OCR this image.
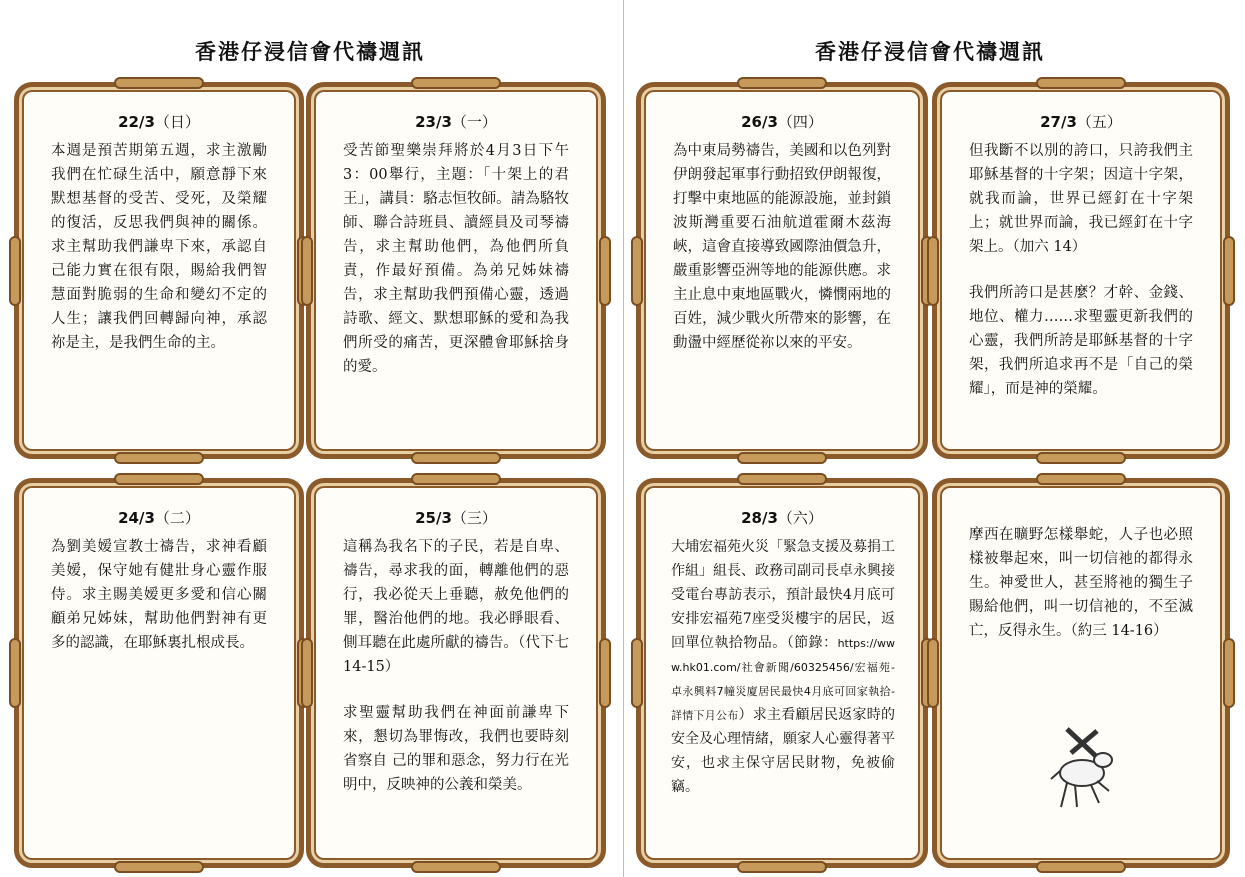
香港仔浸信會代禱週訊	香港仔浸信會代禱週訊
22/3（日）

本週是預苦期第五週，求主激勵我們在忙碌生活中，願意靜下來默想基督的受苦、受死，及榮耀的復活，反思我們與神的關係。求主幫助我們謙卑下來，承認自己能力實在很有限，賜給我們智慧面對脆弱的生命和變幻不定的人生；讓我們回轉歸向神，承認祢是主，是我們生命的主。

23/3（一）

受苦節聖樂崇拜將於4月3日下午3：00舉行，主題：「十架上的君王」，講員：駱志恒牧師。請為駱牧師、聯合詩班員、讀經員及司琴禱告，求主幫助他們，為他們所負責，作最好預備。為弟兄姊妹禱告，求主幫助我們預備心靈，透過詩歌、經文、默想耶穌的愛和為我們所受的痛苦，更深體會耶穌捨身的愛。

24/3（二）

為劉美嫒宣教士禱告，求神看顧美嫒，保守她有健壯身心靈作服侍。求主賜美嫒更多愛和信心關顧弟兄姊妹，幫助他們對神有更多的認識，在耶穌裏扎根成長。

25/3（三）

這稱為我名下的子民，若是自卑、禱告，尋求我的面，轉離他們的惡行，我必從天上垂聽，赦免他們的罪，醫治他們的地。我必睜眼看、側耳聽在此處所獻的禱告。（代下七 14-15）

求聖靈幫助我們在神面前謙卑下來，懇切為罪悔改，我們也要時刻省察自 己的罪和惡念，努力行在光明中，反映神的公義和榮美。

26/3（四）

為中東局勢禱告，美國和以色列對伊朗發起軍事行動招致伊朗報復，打擊中東地區的能源設施，並封鎖波斯灣重要石油航道霍爾木茲海峽，這會直接導致國際油價急升，嚴重影響亞洲等地的能源供應。求主止息中東地區戰火，憐憫兩地的百姓，減少戰火所帶來的影響，在動盪中經歷從祢以來的平安。

27/3（五）

但我斷不以別的誇口，只誇我們主耶穌基督的十字架；因這十字架，就我而論，世界已經釘在十字架上；就世界而論，我已經釘在十字架上。（加六 14）

我們所誇口是甚麼？才幹、金錢、地位、權力……求聖靈更新我們的心靈，我們所誇是耶穌基督的十字架，我們所追求再不是「自己的榮耀」，而是神的榮耀。

28/3（六）

大埔宏福苑火災「緊急支援及募捐工作組」組長、政務司副司長卓永興接受電台專訪表示，預計最快4月底可安排宏福苑7座受災樓宇的居民，返回單位執拾物品。（節錄：https://www.hk01.com/社會新聞/60325456/宏福苑-卓永興料7幢災廈居民最快4月底可回家執拾-詳情下月公布）求主看顧居民返家時的安全及心理情緒，願家人心靈得著平安，也求主保守居民財物，免被偷竊。

摩西在曠野怎樣舉蛇，人子也必照樣被舉起來，叫一切信祂的都得永生。神愛世人，甚至將祂的獨生子賜給他們，叫一切信祂的，不至滅亡，反得永生。（約三 14-16）
